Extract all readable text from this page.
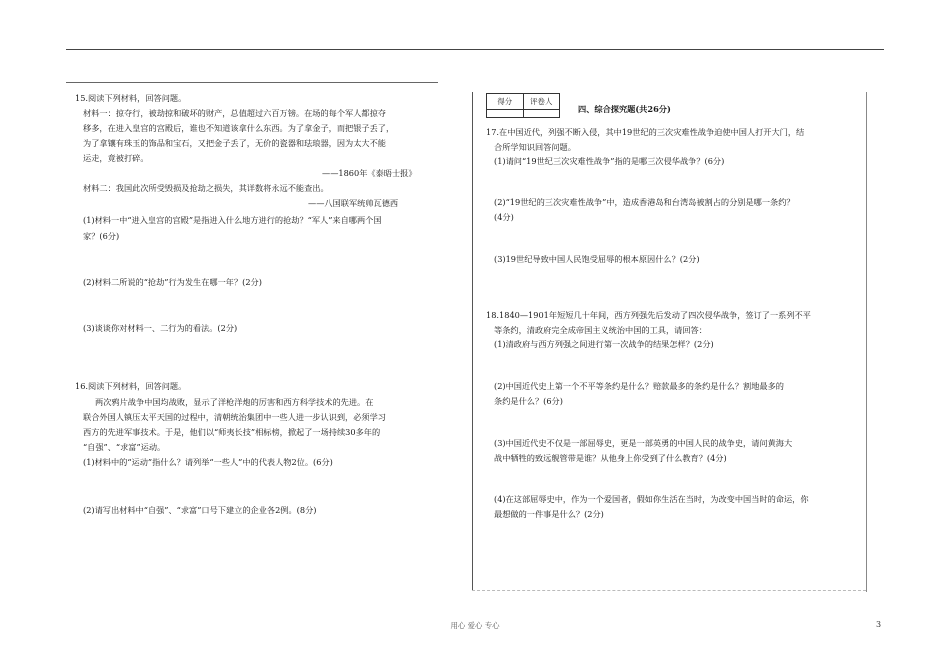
15.阅读下列材料，回答问题。
材料一：掠夺行，被劫掠和破坏的财产，总值超过六百万镑。在场的每个军人都掠夺
移多，在进入皇宫的宫殿后，谁也不知道该拿什么东西。为了拿金子，而把银子丢了，
为了拿镶有珠玉的饰品和宝石，又把金子丢了，无价的瓷器和珐琅器，因为太大不能
运走，竟被打碎。
——1860年《泰晤士报》
材料二：我国此次所受毁损及抢劫之损失，其详数将永远不能查出。
——八国联军统帅瓦德西
(1)材料一中“进入皇宫的宫殿”是指进入什么地方进行的抢劫？“军人”来自哪两个国
家？(6分)
(2)材料二所说的“抢劫”行为发生在哪一年？(2分)
(3)谈谈你对材料一、二行为的看法。(2分)
16.阅读下列材料，回答问题。
两次鸦片战争中国均战败，显示了洋枪洋炮的厉害和西方科学技术的先进。在
联合外国人镇压太平天国的过程中，清朝统治集团中一些人进一步认识到，必须学习
西方的先进军事技术。于是，他们以“师夷长技”相标榜，掀起了一场持续30多年的
“自强”、“求富”运动。
(1)材料中的“运动”指什么？请列举“一些人”中的代表人物2位。(6分)
(2)请写出材料中“自强”、“求富”口号下建立的企业各2例。(8分)
得分	评卷人
四、综合探究题(共26分)
17.在中国近代，列强不断入侵，其中19世纪的三次灾难性战争迫使中国人打开大门，结
合所学知识回答问题。
(1)请问“19世纪三次灾难性战争”指的是哪三次侵华战争？(6分)
(2)“19世纪的三次灾难性战争”中，造成香港岛和台湾岛被割占的分别是哪一条约？
(4分)
(3)19世纪导致中国人民饱受屈辱的根本原因什么？(2分)
18.1840—1901年短短几十年间，西方列强先后发动了四次侵华战争，签订了一系列不平
等条约，清政府完全成帝国主义统治中国的工具，请回答：
(1)清政府与西方列强之间进行第一次战争的结果怎样？(2分)
(2)中国近代史上第一个不平等条约是什么？赔款最多的条约是什么？割地最多的
条约是什么？(6分)
(3)中国近代史不仅是一部屈辱史，更是一部英勇的中国人民的战争史，请问黄海大
战中牺牲的致远舰管带是谁？从他身上你受到了什么教育？(4分)
(4)在这部屈辱史中，作为一个爱国者，假如你生活在当时，为改变中国当时的命运，你
最想做的一件事是什么？(2分)
用心 爱心 专心	3
